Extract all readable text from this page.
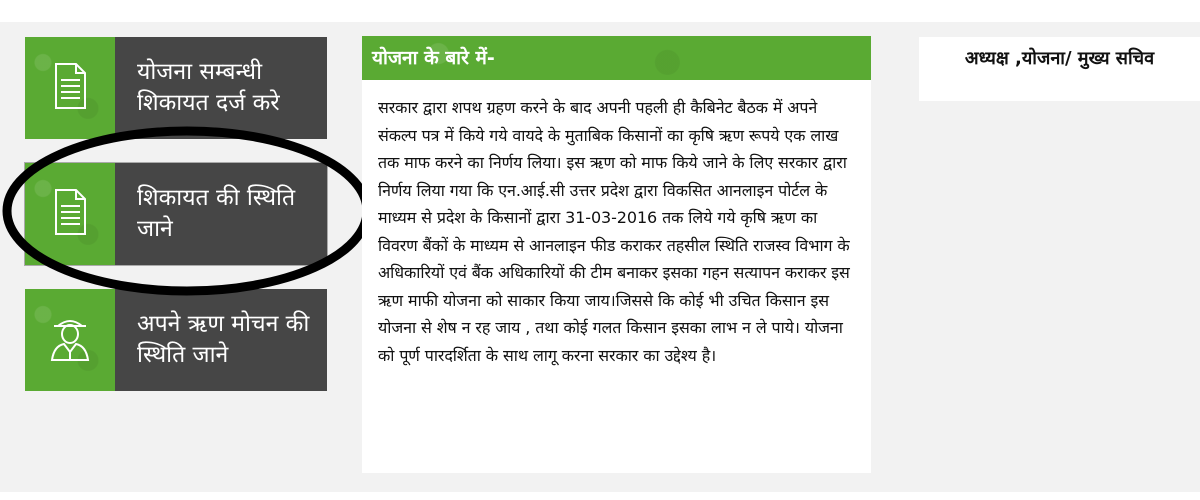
योजना सम्बन्धी शिकायत दर्ज करे
शिकायत की स्थिति जाने
अपने ऋण मोचन की स्थिति जाने
योजना के बारे में-
सरकार द्वारा शपथ ग्रहण करने के बाद अपनी पहली ही कैबिनेट बैठक में अपने संकल्प पत्र में किये गये वायदे के मुताबिक किसानों का कृषि ऋण रूपये एक लाख तक माफ करने का निर्णय लिया। इस ऋण को माफ किये जाने के लिए सरकार द्वारा निर्णय लिया गया कि एन.आई.सी उत्तर प्रदेश द्वारा विकसित आनलाइन पोर्टल के माध्यम से प्रदेश के किसानों द्वारा 31-03-2016 तक लिये गये कृषि ऋण का विवरण बैंकों के माध्यम से आनलाइन फीड कराकर तहसील स्थिति राजस्व विभाग के अधिकारियों एवं बैंक अधिकारियों की टीम बनाकर इसका गहन सत्यापन कराकर इस ऋण माफी योजना को साकार किया जाय।जिससे कि कोई भी उचित किसान इस योजना से शेष न रह जाय , तथा कोई गलत किसान इसका लाभ न ले पाये। योजना को पूर्ण पारदर्शिता के साथ लागू करना सरकार का उद्देश्य है।
अध्यक्ष ,योजना/ मुख्य सचिव
